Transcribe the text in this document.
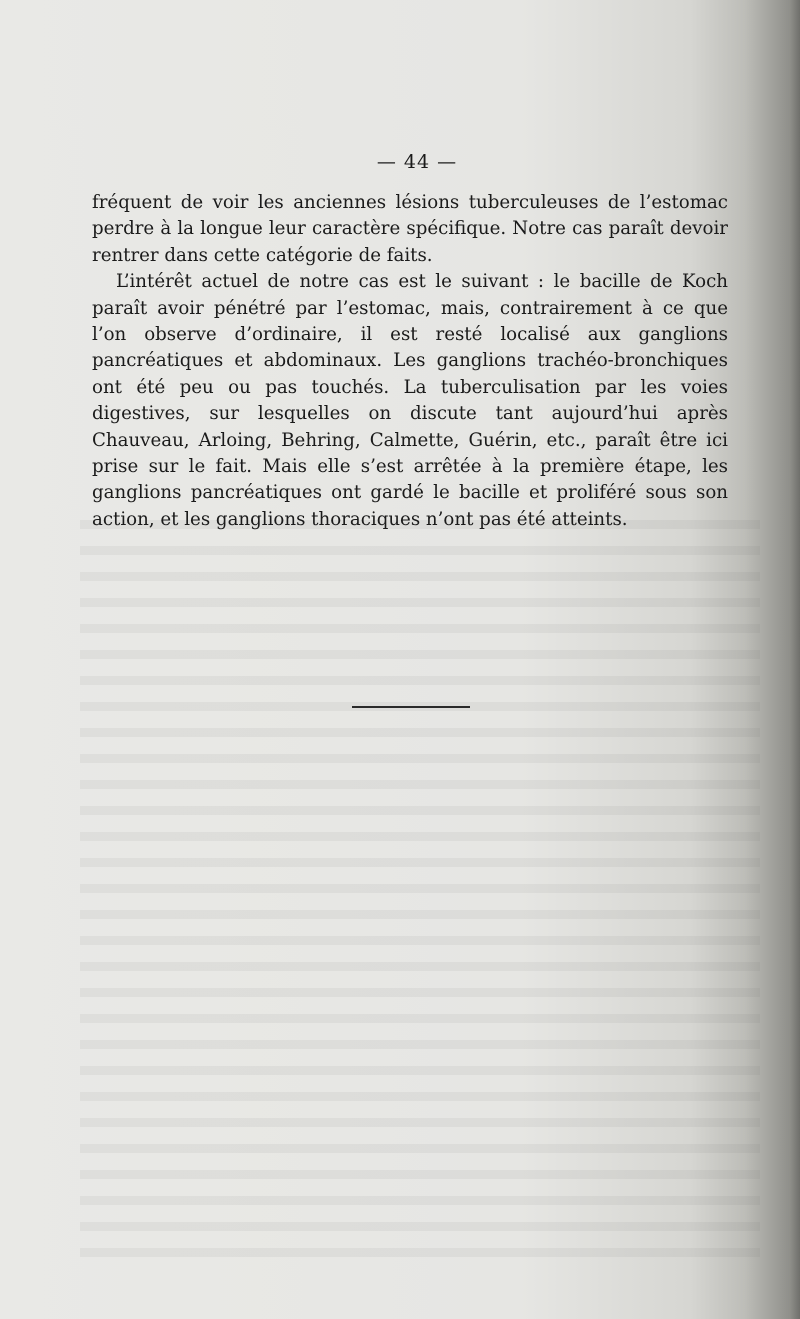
— 44 —

fréquent de voir les anciennes lésions tuberculeuses de l’estomac perdre à la longue leur caractère spécifique. Notre cas paraît devoir rentrer dans cette catégorie de faits.

L’intérêt actuel de notre cas est le suivant : le bacille de Koch paraît avoir pénétré par l’estomac, mais, contrairement à ce que l’on observe d’ordinaire, il est resté localisé aux ganglions pancréatiques et abdominaux. Les ganglions trachéo-bronchiques ont été peu ou pas touchés. La tuberculisation par les voies digestives, sur lesquelles on discute tant aujourd’hui après Chauveau, Arloing, Behring, Calmette, Guérin, etc., paraît être ici prise sur le fait. Mais elle s’est arrêtée à la première étape, les ganglions pancréatiques ont gardé le bacille et proliféré sous son action, et les ganglions thoraciques n’ont pas été atteints.
